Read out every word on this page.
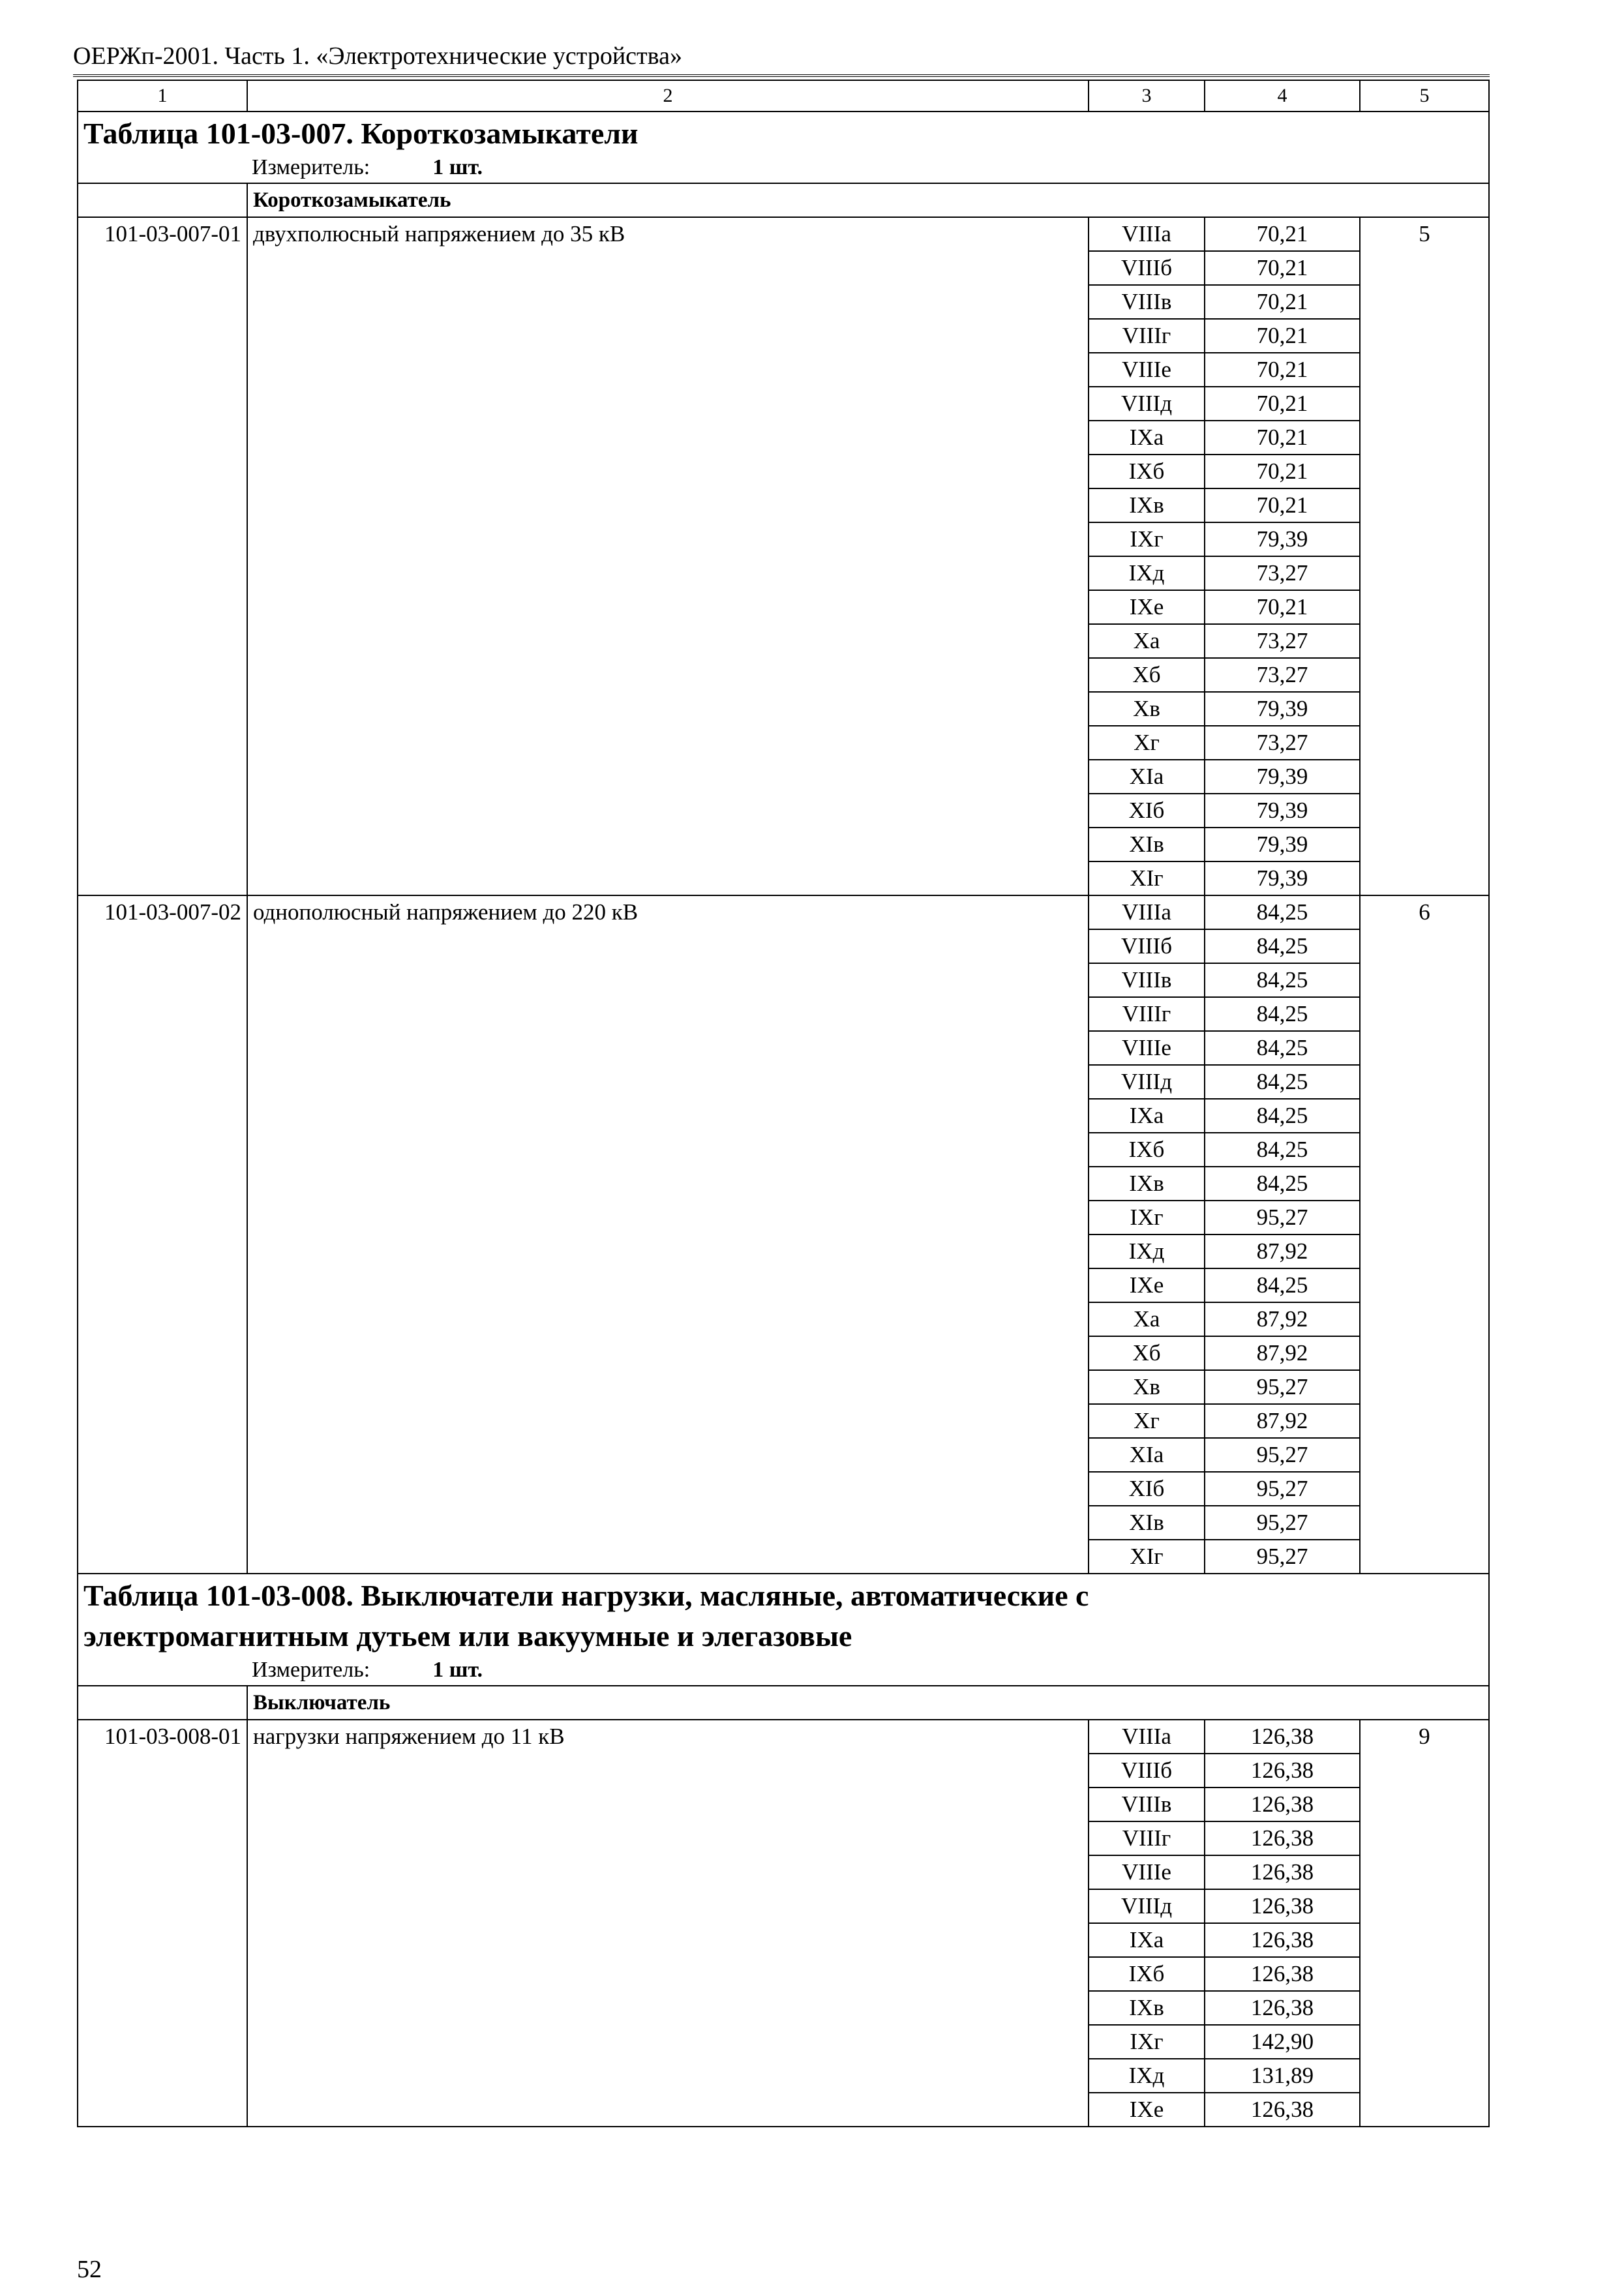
ОЕРЖп-2001. Часть 1. «Электротехнические устройства»
1	2	3	4	5

Таблица 101-03-007. Короткозамыкатели
Измеритель: 1 шт.				

	Короткозамыкатель			
101-03-007-01	двухполюсный напряжением до 35 кВ	VIIIа	70,21	5
		VIIIб	70,21	
		VIIIв	70,21	
		VIIIг	70,21	
		VIIIе	70,21	
		VIIIд	70,21	
		IXа	70,21	
		IXб	70,21	
		IXв	70,21	
		IXг	79,39	
		IXд	73,27	
		IXе	70,21	
		Xа	73,27	
		Xб	73,27	
		Xв	79,39	
		Xг	73,27	
		XIа	79,39	
		XIб	79,39	
		XIв	79,39	
		XIг	79,39	
101-03-007-02	однополюсный напряжением до 220 кВ	VIIIа	84,25	6
		VIIIб	84,25	
		VIIIв	84,25	
		VIIIг	84,25	
		VIIIе	84,25	
		VIIIд	84,25	
		IXа	84,25	
		IXб	84,25	
		IXв	84,25	
		IXг	95,27	
		IXд	87,92	
		IXе	84,25	
		Xа	87,92	
		Xб	87,92	
		Xв	95,27	
		Xг	87,92	
		XIа	95,27	
		XIб	95,27	
		XIв	95,27	
		XIг	95,27	

Таблица 101-03-008. Выключатели нагрузки, масляные, автоматические с
электромагнитным дутьем или вакуумные и элегазовые
Измеритель: 1 шт.				

	Выключатель			
101-03-008-01	нагрузки напряжением до 11 кВ	VIIIа	126,38	9
		VIIIб	126,38	
		VIIIв	126,38	
		VIIIг	126,38	
		VIIIе	126,38	
		VIIIд	126,38	
		IXа	126,38	
		IXб	126,38	
		IXв	126,38	
		IXг	142,90	
		IXд	131,89	
		IXе	126,38	
52
